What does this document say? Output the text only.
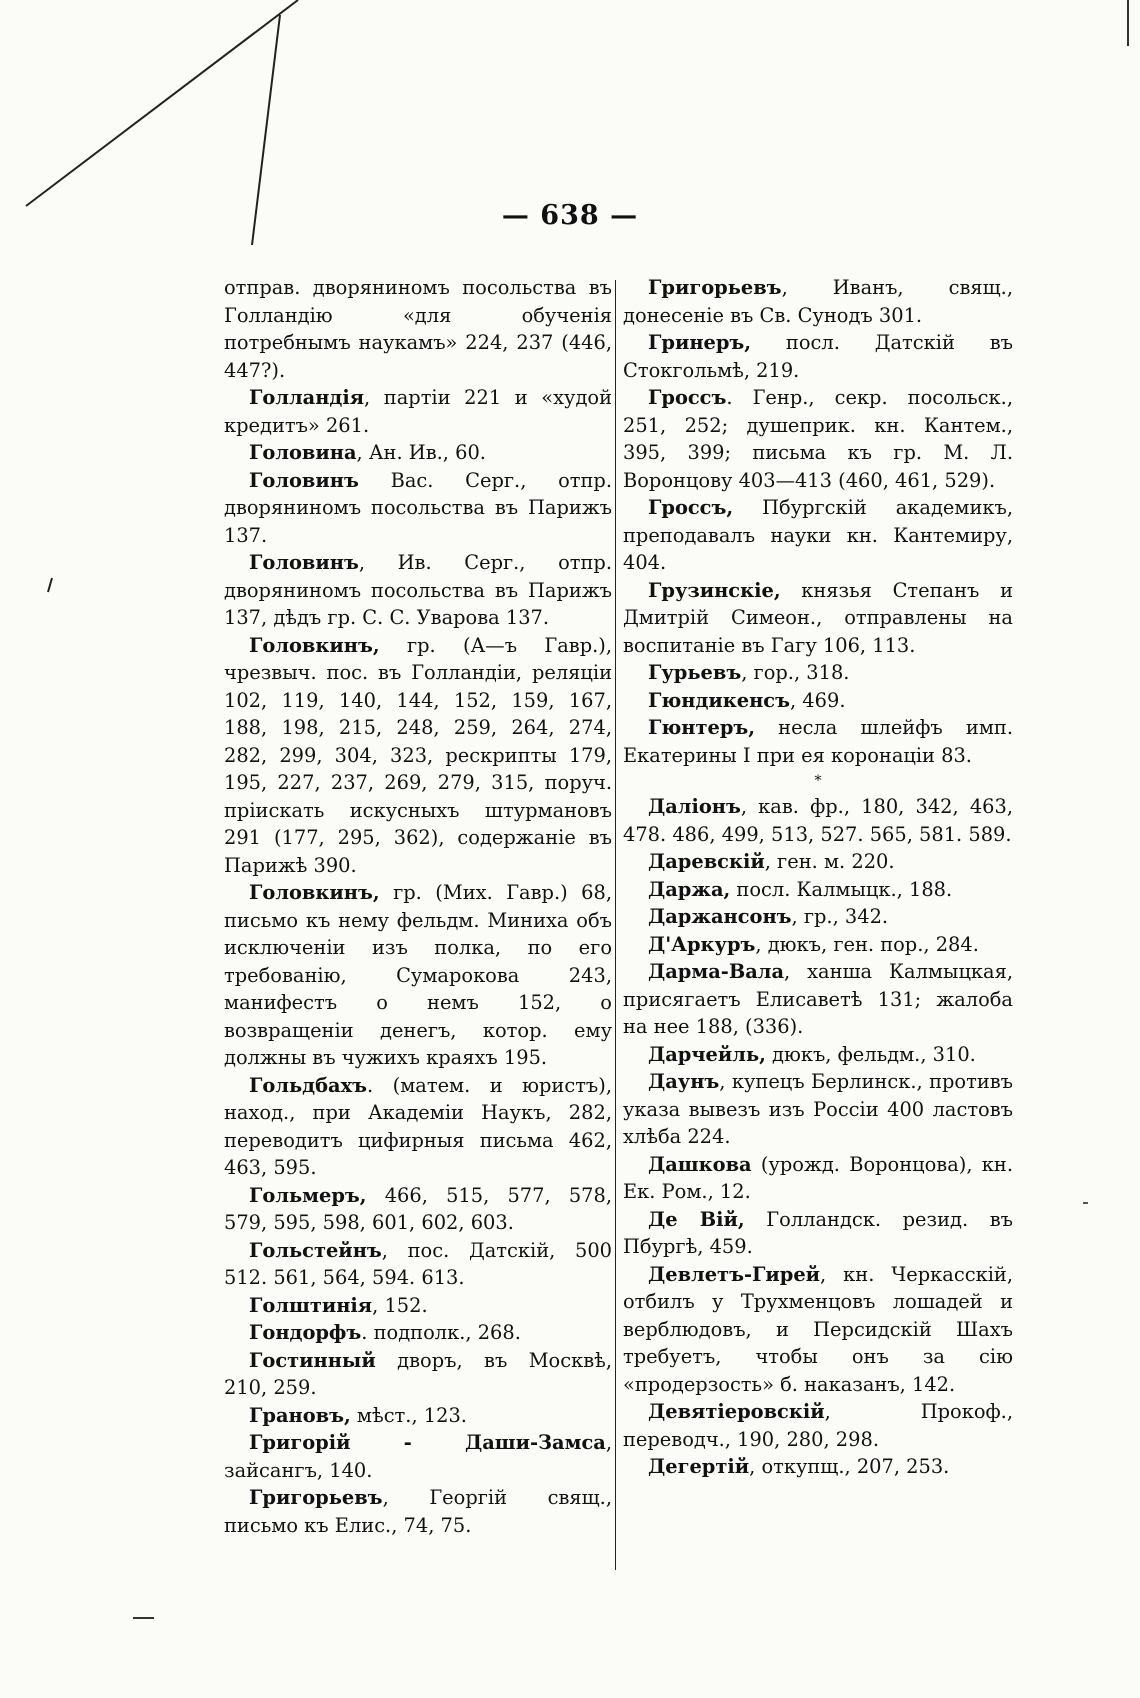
— 638 —

отправ. дворяниномъ посольства въ Голландію «для обученія потребнымъ наукамъ» 224, 237 (446, 447?).

Голландія, партіи 221 и «худой кредитъ» 261.

Головина, Ан. Ив., 60.

Головинъ Вас. Серг., отпр. дворяниномъ посольства въ Парижъ 137.

Головинъ, Ив. Серг., отпр. дворяниномъ посольства въ Парижъ 137, дѣдъ гр. С. С. Уварова 137.

Головкинъ, гр. (А—ъ Гавр.), чрезвыч. пос. въ Голландіи, реляціи 102, 119, 140, 144, 152, 159, 167, 188, 198, 215, 248, 259, 264, 274, 282, 299, 304, 323, рескрипты 179, 195, 227, 237, 269, 279, 315, поруч. пріискать искусныхъ штурмановъ 291 (177, 295, 362), содержаніе въ Парижѣ 390.

Головкинъ, гр. (Мих. Гавр.) 68, письмо къ нему фельдм. Миниха объ исключеніи изъ полка, по его требованію, Сумарокова 243, манифестъ о немъ 152, о возвращеніи денегъ, котор. ему должны въ чужихъ краяхъ 195.

Гольдбахъ. (матем. и юристъ), наход., при Академіи Наукъ, 282, переводитъ цифирныя письма 462, 463, 595.

Гольмеръ, 466, 515, 577, 578, 579, 595, 598, 601, 602, 603.

Гольстейнъ, пос. Датскій, 500 512. 561, 564, 594. 613.

Голштинія, 152.

Гондорфъ. подполк., 268.

Гостинный дворъ, въ Москвѣ, 210, 259.

Грановъ, мѣст., 123.

Григорій - Даши-Замса, зайсангъ, 140.

Григорьевъ, Георгій свящ., письмо къ Елис., 74, 75.

Григорьевъ, Иванъ, свящ., донесеніе въ Св. Сунодъ 301.

Гринеръ, посл. Датскій въ Стокгольмѣ, 219.

Гроссъ. Генр., секр. посольск., 251, 252; душеприк. кн. Кантем., 395, 399; письма къ гр. М. Л. Воронцову 403—413 (460, 461, 529).

Гроссъ, Пбургскій академикъ, преподавалъ науки кн. Кантемиру, 404.

Грузинскіе, князья Степанъ и Дмитрій Симеон., отправлены на воспитаніе въ Гагу 106, 113.

Гурьевъ, гор., 318.

Гюндикенсъ, 469.

Гюнтеръ, несла шлейфъ имп. Екатерины I при ея коронаціи 83.

*

Даліонъ, кав. фр., 180, 342, 463, 478. 486, 499, 513, 527. 565, 581. 589.

Даревскій, ген. м. 220.

Даржа, посл. Калмыцк., 188.

Даржансонъ, гр., 342.

Д'Аркуръ, дюкъ, ген. пор., 284.

Дарма-Вала, ханша Калмыцкая, присягаетъ Елисаветѣ 131; жалоба на нее 188, (336).

Дарчейль, дюкъ, фельдм., 310.

Даунъ, купецъ Берлинск., противъ указа вывезъ изъ Россіи 400 ластовъ хлѣба 224.

Дашкова (урожд. Воронцова), кн. Ек. Ром., 12.

Де Вій, Голландск. резид. въ Пбургѣ, 459.

Девлетъ-Гирей, кн. Черкасскій, отбилъ у Трухменцовъ лошадей и верблюдовъ, и Персидскій Шахъ требуетъ, чтобы онъ за сію «продерзость» б. наказанъ, 142.

Девятіеровскій, Прокоф., переводч., 190, 280, 298.

Дегертій, откупщ., 207, 253.
